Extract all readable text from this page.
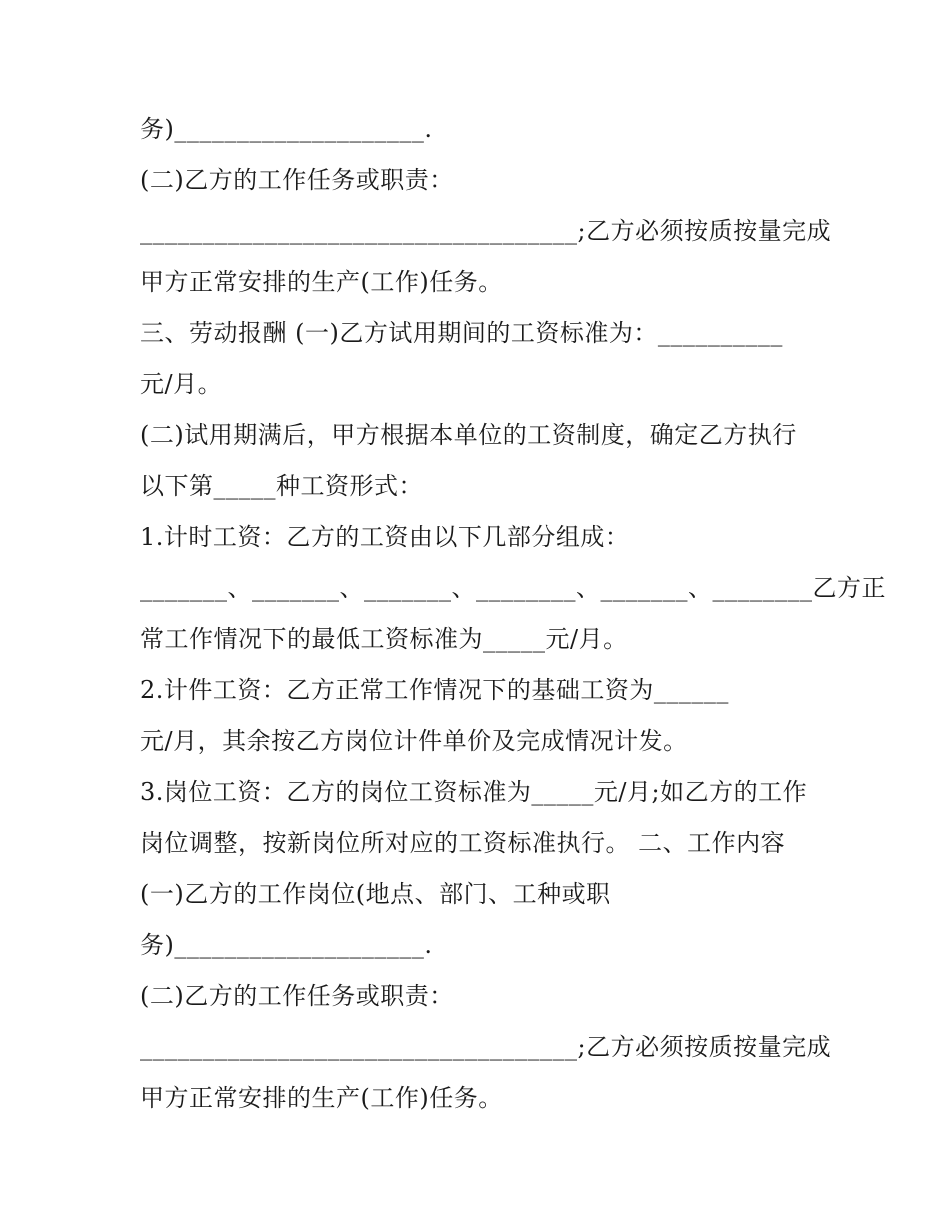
务)____________________.
(二)乙方的工作任务或职责：
___________________________________;乙方必须按质按量完成
甲方正常安排的生产(工作)任务。
三、劳动报酬 (一)乙方试用期间的工资标准为：__________
元/月。
(二)试用期满后，甲方根据本单位的工资制度，确定乙方执行
以下第_____种工资形式：
1.计时工资：乙方的工资由以下几部分组成：
_______、_______、_______、________、_______、________乙方正
常工作情况下的最低工资标准为_____元/月。
2.计件工资：乙方正常工作情况下的基础工资为______
元/月，其余按乙方岗位计件单价及完成情况计发。
3.岗位工资：乙方的岗位工资标准为_____元/月;如乙方的工作
岗位调整，按新岗位所对应的工资标准执行。 二、工作内容
(一)乙方的工作岗位(地点、部门、工种或职
务)____________________.
(二)乙方的工作任务或职责：
___________________________________;乙方必须按质按量完成
甲方正常安排的生产(工作)任务。
